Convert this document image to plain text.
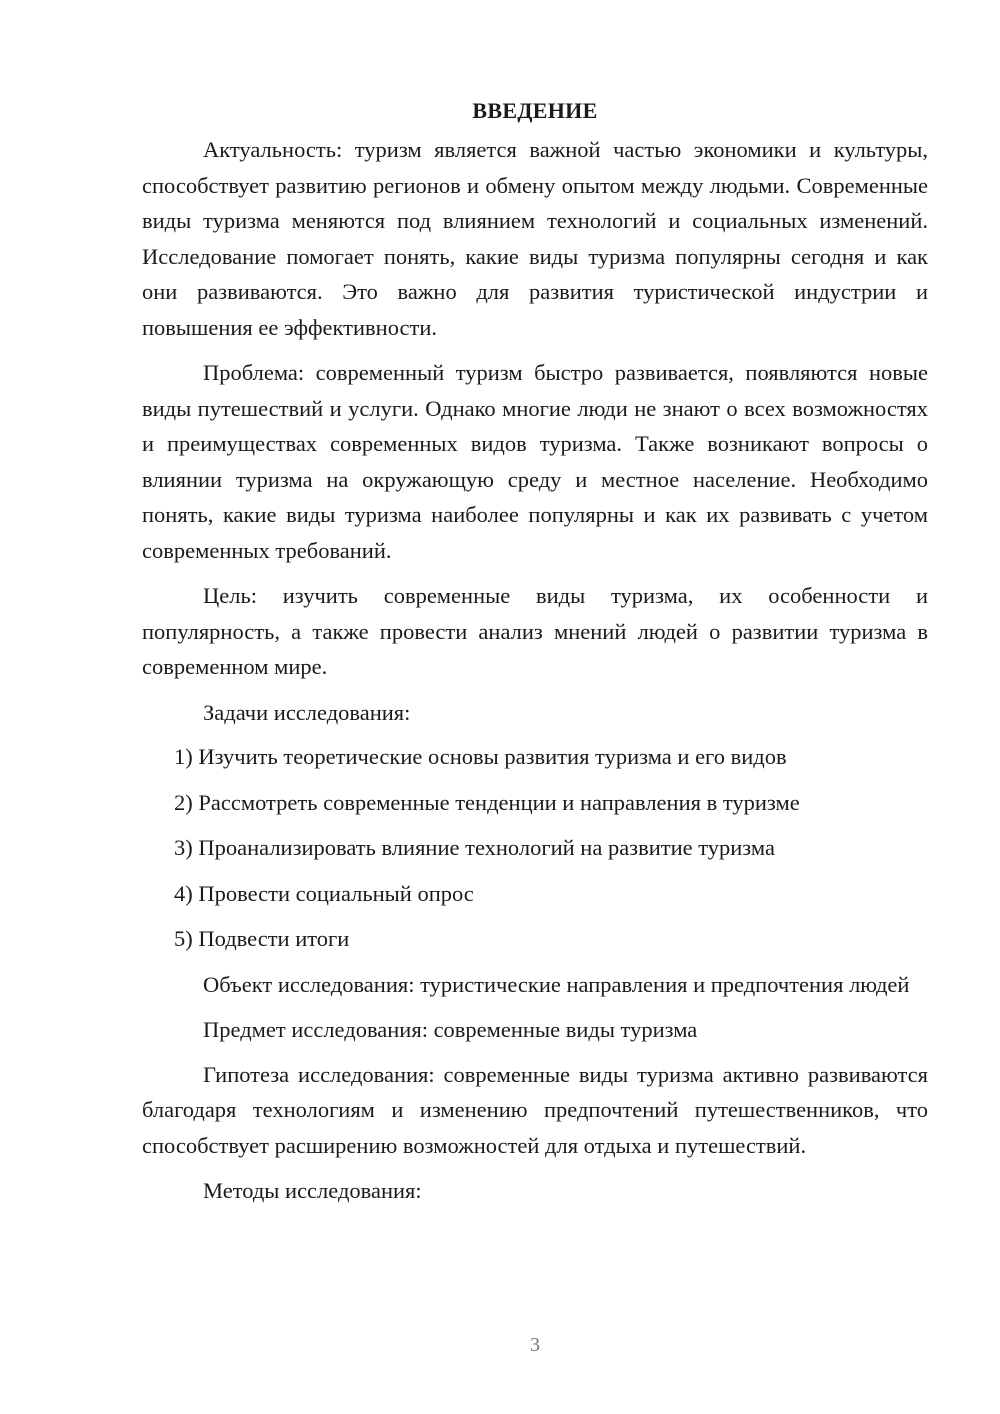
ВВЕДЕНИЕ

Актуальность: туризм является важной частью экономики и культуры, способствует развитию регионов и обмену опытом между людьми. Современные виды туризма меняются под влиянием технологий и социальных изменений. Исследование помогает понять, какие виды туризма популярны сегодня и как они развиваются. Это важно для развития туристической индустрии и повышения ее эффективности.

Проблема: современный туризм быстро развивается, появляются новые виды путешествий и услуги. Однако многие люди не знают о всех возможностях и преимуществах современных видов туризма. Также возникают вопросы о влиянии туризма на окружающую среду и местное население. Необходимо понять, какие виды туризма наиболее популярны и как их развивать с учетом современных требований.

Цель: изучить современные виды туризма, их особенности и популярность, а также провести анализ мнений людей о развитии туризма в современном мире.

Задачи исследования:

1) Изучить теоретические основы развития туризма и его видов
2) Рассмотреть современные тенденции и направления в туризме
3) Проанализировать влияние технологий на развитие туризма
4) Провести социальный опрос
5) Подвести итоги

Объект исследования: туристические направления и предпочтения людей

Предмет исследования: современные виды туризма

Гипотеза исследования: современные виды туризма активно развиваются благодаря технологиям и изменению предпочтений путешественников, что способствует расширению возможностей для отдыха и путешествий.

Методы исследования:

3
